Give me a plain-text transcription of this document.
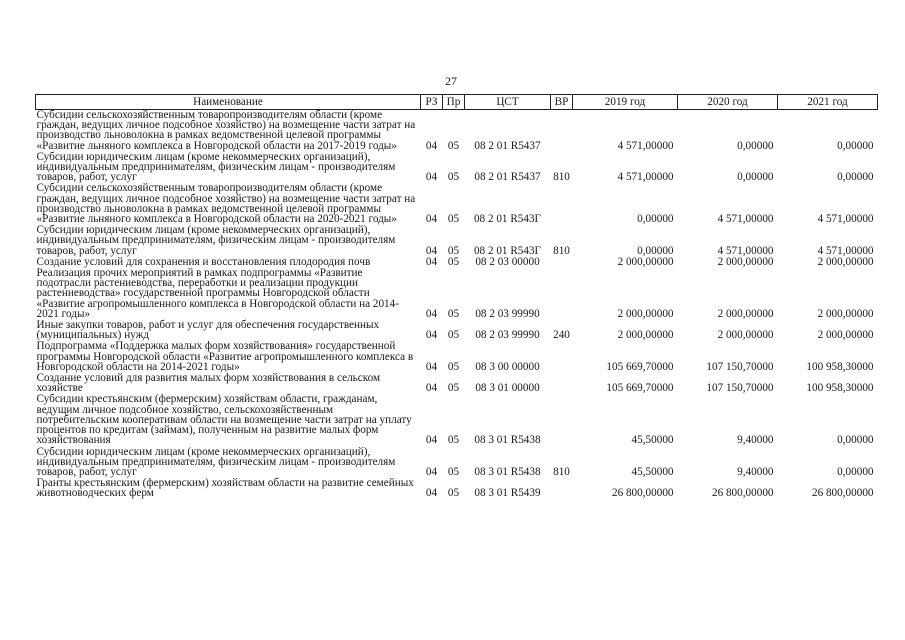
27
Наименование	РЗ	Пр	ЦСТ	ВР	2019 год	2020 год	2021 год
Субсидии сельскохозяйственным товаропроизводителям области (кроме граждан, ведущих личное подсобное хозяйство) на возмещение части затрат на производство льноволокна в рамках ведомственной целевой программы «Развитие льняного комплекса в Новгородской области на 2017-2019 годы»	04	05	08 2 01 R5437		4 571,00000	0,00000	0,00000
Субсидии юридическим лицам (кроме некоммерческих организаций), индивидуальным предпринимателям, физическим лицам - производителям товаров, работ, услуг	04	05	08 2 01 R5437	810	4 571,00000	0,00000	0,00000
Субсидии сельскохозяйственным товаропроизводителям области (кроме граждан, ведущих личное подсобное хозяйство) на возмещение части затрат на производство льноволокна в рамках ведомственной целевой программы «Развитие льняного комплекса в Новгородской области на 2020-2021 годы»	04	05	08 2 01 R543Г		0,00000	4 571,00000	4 571,00000
Субсидии юридическим лицам (кроме некоммерческих организаций), индивидуальным предпринимателям, физическим лицам - производителям товаров, работ, услуг	04	05	08 2 01 R543Г	810	0,00000	4 571,00000	4 571,00000
Создание условий для сохранения и восстановления плодородия почв	04	05	08 2 03 00000		2 000,00000	2 000,00000	2 000,00000
Реализация прочих мероприятий в рамках подпрограммы «Развитие подотрасли растениеводства, переработки и реализации продукции растениеводства» государственной программы Новгородской области «Развитие агропромышленного комплекса в Новгородской области на 2014-2021 годы»	04	05	08 2 03 99990		2 000,00000	2 000,00000	2 000,00000
Иные закупки товаров, работ и услуг для обеспечения государственных (муниципальных) нужд	04	05	08 2 03 99990	240	2 000,00000	2 000,00000	2 000,00000
Подпрограмма «Поддержка малых форм хозяйствования» государственной программы Новгородской области «Развитие агропромышленного комплекса в Новгородской области на 2014-2021 годы»	04	05	08 3 00 00000		105 669,70000	107 150,70000	100 958,30000
Создание условий для развития малых форм хозяйствования в сельском хозяйстве	04	05	08 3 01 00000		105 669,70000	107 150,70000	100 958,30000
Субсидии крестьянским (фермерским) хозяйствам области, гражданам, ведущим личное подсобное хозяйство, сельскохозяйственным потребительским кооперативам области на возмещение части затрат на уплату процентов по кредитам (займам), полученным на развитие малых форм хозяйствования	04	05	08 3 01 R5438		45,50000	9,40000	0,00000
Субсидии юридическим лицам (кроме некоммерческих организаций), индивидуальным предпринимателям, физическим лицам - производителям товаров, работ, услуг	04	05	08 3 01 R5438	810	45,50000	9,40000	0,00000
Гранты крестьянским (фермерским) хозяйствам области на развитие семейных животноводческих ферм	04	05	08 3 01 R5439		26 800,00000	26 800,00000	26 800,00000
